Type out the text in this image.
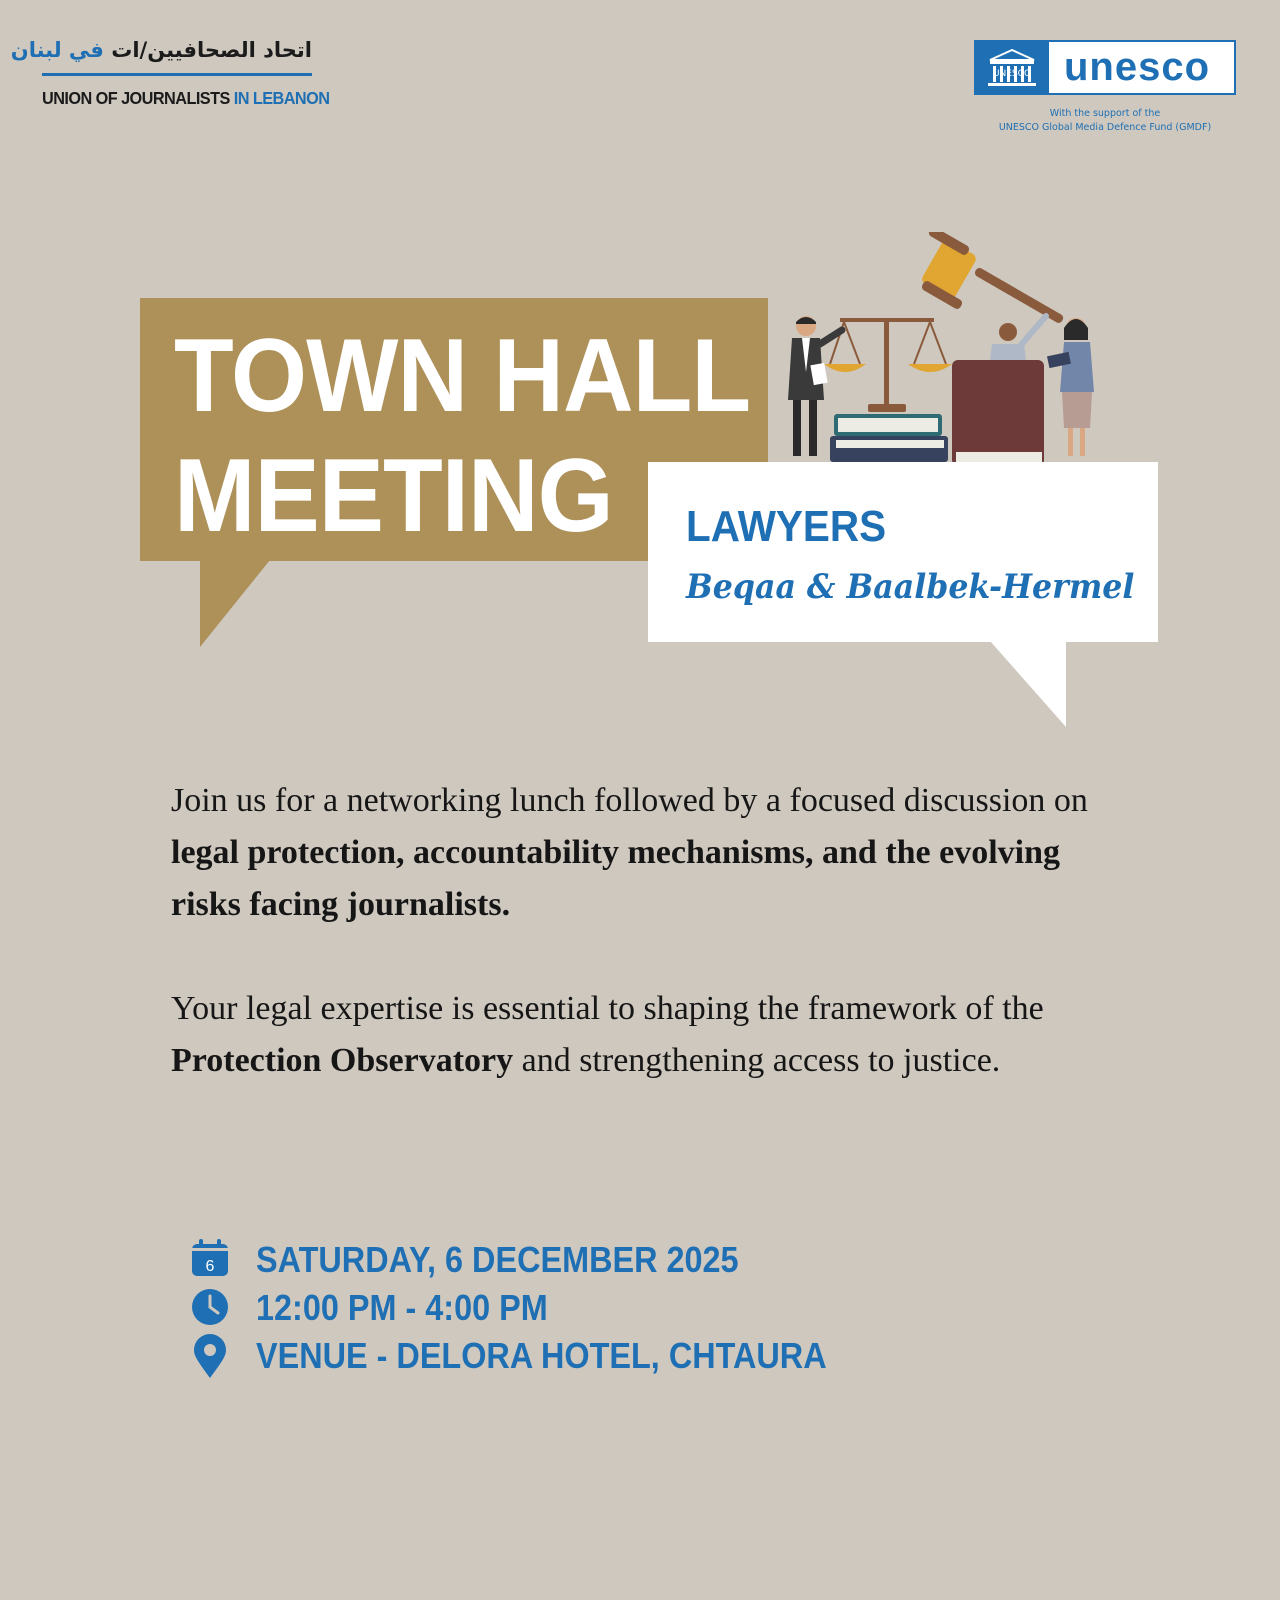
اتحاد الصحافيين/ات في لبنان
UNION OF JOURNALISTS IN LEBANON
UNESCO unesco
With the support of the
UNESCO Global Media Defence Fund (GMDF)
TOWN HALL
MEETING LAWYERS
Beqaa & Baalbek-Hermel
Join us for a networking lunch followed by a focused discussion on legal protection, accountability mechanisms, and the evolving risks facing journalists.
Your legal expertise is essential to shaping the framework of the Protection Observatory and strengthening access to justice.
6 SATURDAY, 6 DECEMBER 2025
12:00 PM - 4:00 PM
VENUE - DELORA HOTEL, CHTAURA
